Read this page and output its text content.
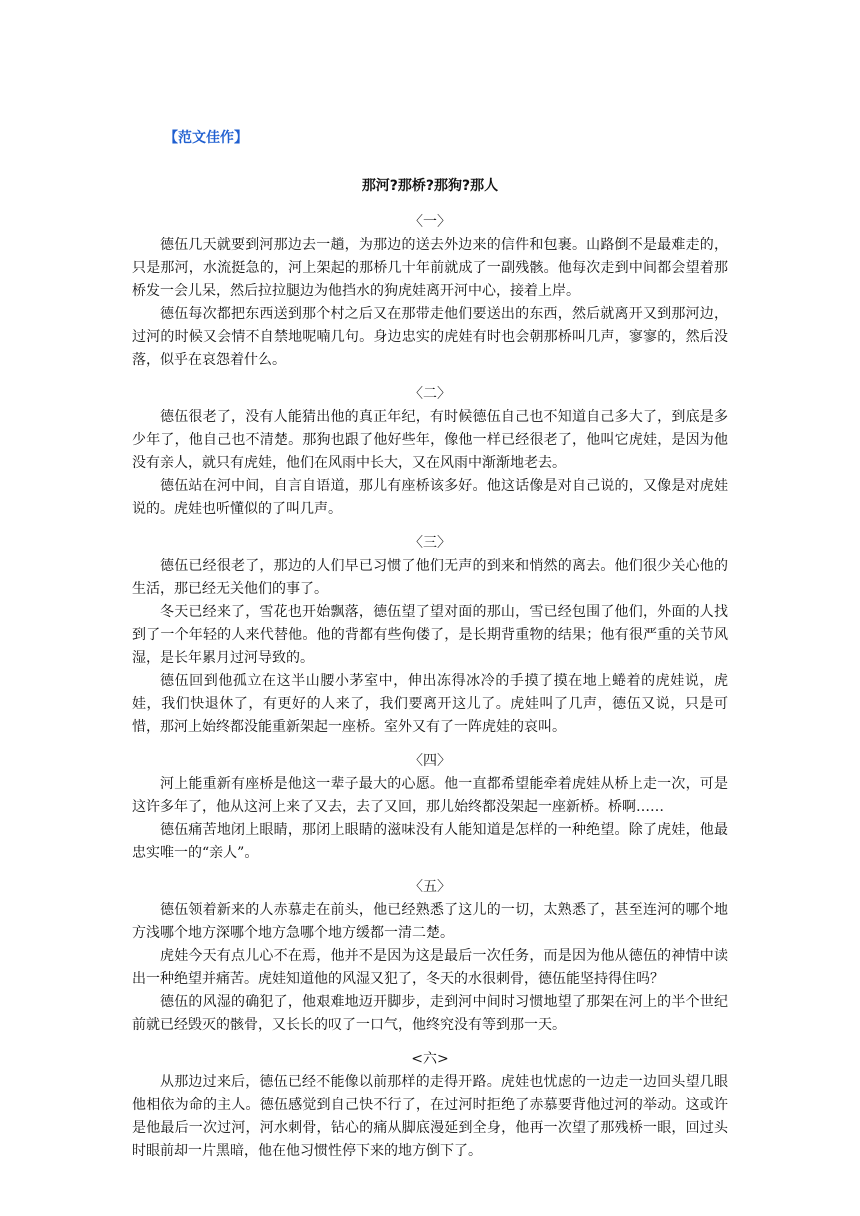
【范文佳作】
那河?那桥?那狗?那人
〈一〉

德伍几天就要到河那边去一趟，为那边的送去外边来的信件和包裹。山路倒不是最难走的，只是那河，水流挺急的，河上架起的那桥几十年前就成了一副残骸。他每次走到中间都会望着那桥发一会儿呆，然后拉拉腿边为他挡水的狗虎娃离开河中心，接着上岸。

德伍每次都把东西送到那个村之后又在那带走他们要送出的东西，然后就离开又到那河边，过河的时候又会情不自禁地呢喃几句。身边忠实的虎娃有时也会朝那桥叫几声，寥寥的，然后没落，似乎在哀怨着什么。

〈二〉

德伍很老了，没有人能猜出他的真正年纪，有时候德伍自己也不知道自己多大了，到底是多少年了，他自己也不清楚。那狗也跟了他好些年，像他一样已经很老了，他叫它虎娃，是因为他没有亲人，就只有虎娃，他们在风雨中长大，又在风雨中渐渐地老去。

德伍站在河中间，自言自语道，那儿有座桥该多好。他这话像是对自己说的，又像是对虎娃说的。虎娃也听懂似的了叫几声。

〈三〉

德伍已经很老了，那边的人们早已习惯了他们无声的到来和悄然的离去。他们很少关心他的生活，那已经无关他们的事了。

冬天已经来了，雪花也开始飘落，德伍望了望对面的那山，雪已经包围了他们，外面的人找到了一个年轻的人来代替他。他的背都有些佝偻了，是长期背重物的结果；他有很严重的关节风湿，是长年累月过河导致的。

德伍回到他孤立在这半山腰小茅室中，伸出冻得冰冷的手摸了摸在地上蜷着的虎娃说，虎娃，我们快退休了，有更好的人来了，我们要离开这儿了。虎娃叫了几声，德伍又说，只是可惜，那河上始终都没能重新架起一座桥。室外又有了一阵虎娃的哀叫。

〈四〉

河上能重新有座桥是他这一辈子最大的心愿。他一直都希望能牵着虎娃从桥上走一次，可是这许多年了，他从这河上来了又去，去了又回，那儿始终都没架起一座新桥。桥啊……

德伍痛苦地闭上眼睛，那闭上眼睛的滋味没有人能知道是怎样的一种绝望。除了虎娃，他最忠实唯一的“亲人”。

〈五〉

德伍领着新来的人赤慕走在前头，他已经熟悉了这儿的一切，太熟悉了，甚至连河的哪个地方浅哪个地方深哪个地方急哪个地方缓都一清二楚。

虎娃今天有点儿心不在焉，他并不是因为这是最后一次任务，而是因为他从德伍的神情中读出一种绝望并痛苦。虎娃知道他的风湿又犯了，冬天的水很刺骨，德伍能坚持得住吗？

德伍的风湿的确犯了，他艰难地迈开脚步，走到河中间时习惯地望了那架在河上的半个世纪前就已经毁灭的骸骨，又长长的叹了一口气，他终究没有等到那一天。

<六>

从那边过来后，德伍已经不能像以前那样的走得开路。虎娃也忧虑的一边走一边回头望几眼他相依为命的主人。德伍感觉到自己快不行了，在过河时拒绝了赤慕要背他过河的举动。这或许是他最后一次过河，河水刺骨，钻心的痛从脚底漫延到全身，他再一次望了那残桥一眼，回过头时眼前却一片黑暗，他在他习惯性停下来的地方倒下了。
